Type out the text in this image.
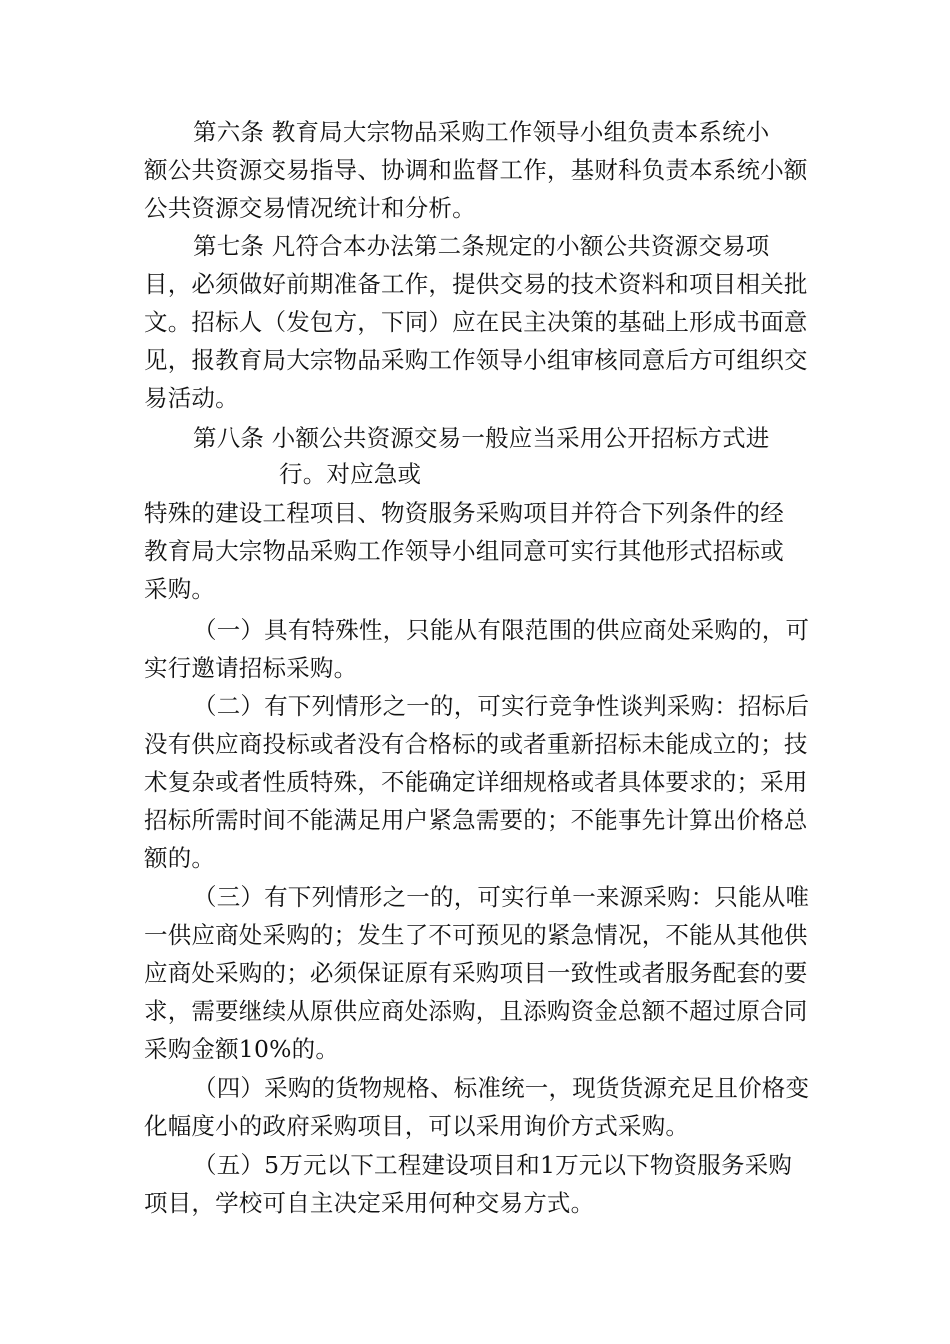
第六条 教育局大宗物品采购工作领导小组负责本系统小
额公共资源交易指导、协调和监督工作，基财科负责本系统小额
公共资源交易情况统计和分析。
第七条 凡符合本办法第二条规定的小额公共资源交易项
目，必须做好前期准备工作，提供交易的技术资料和项目相关批
文。招标人（发包方，下同）应在民主决策的基础上形成书面意
见，报教育局大宗物品采购工作领导小组审核同意后方可组织交
易活动。
第八条 小额公共资源交易一般应当采用公开招标方式进
行。对应急或
特殊的建设工程项目、物资服务采购项目并符合下列条件的经
教育局大宗物品采购工作领导小组同意可实行其他形式招标或
采购。
（一）具有特殊性，只能从有限范围的供应商处采购的，可
实行邀请招标采购。
（二）有下列情形之一的，可实行竞争性谈判采购：招标后
没有供应商投标或者没有合格标的或者重新招标未能成立的；技
术复杂或者性质特殊，不能确定详细规格或者具体要求的；采用
招标所需时间不能满足用户紧急需要的；不能事先计算出价格总
额的。
（三）有下列情形之一的，可实行单一来源采购：只能从唯
一供应商处采购的；发生了不可预见的紧急情况，不能从其他供
应商处采购的；必须保证原有采购项目一致性或者服务配套的要
求，需要继续从原供应商处添购，且添购资金总额不超过原合同
采购金额10%的。
（四）采购的货物规格、标准统一，现货货源充足且价格变
化幅度小的政府采购项目，可以采用询价方式采购。
（五）5万元以下工程建设项目和1万元以下物资服务采购
项目，学校可自主决定采用何种交易方式。
